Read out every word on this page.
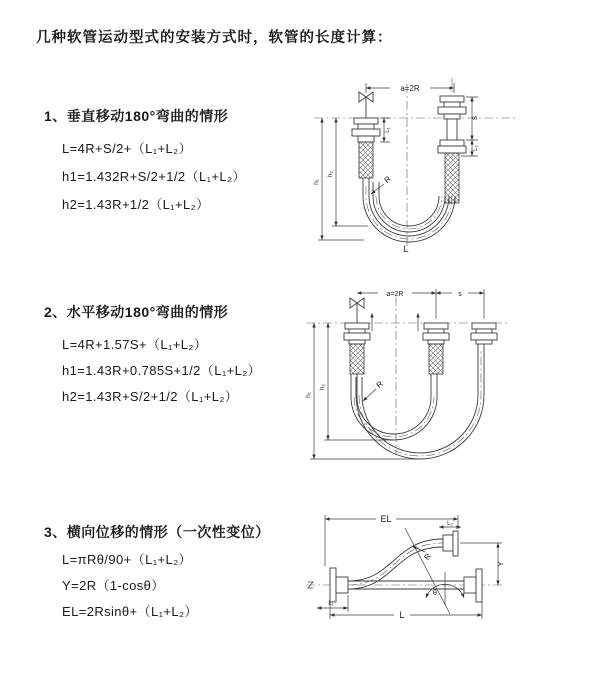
几种软管运动型式的安装方式时，软管的长度计算：
1、垂直移动180°弯曲的情形
L=4R+S/2+（L₁+L₂）
h1=1.432R+S/2+1/2（L₁+L₂）
h2=1.43R+1/2（L₁+L₂）
a=2R
h₁
h₂
L₁
S
L₂
R
L
2、水平移动180°弯曲的情形
L=4R+1.57S+（L₁+L₂）
h1=1.43R+0.785S+1/2（L₁+L₂）
h2=1.43R+S/2+1/2（L₁+L₂）
a=2R	s
h₁
h₂	R
3、横向位移的情形（一次性变位）
L=πRθ/90+（L₁+L₂）
Y=2R（1-cosθ）
EL=2Rsinθ+（L₁+L₂）
EL	L₂
Y
R
θ
L₁
L
